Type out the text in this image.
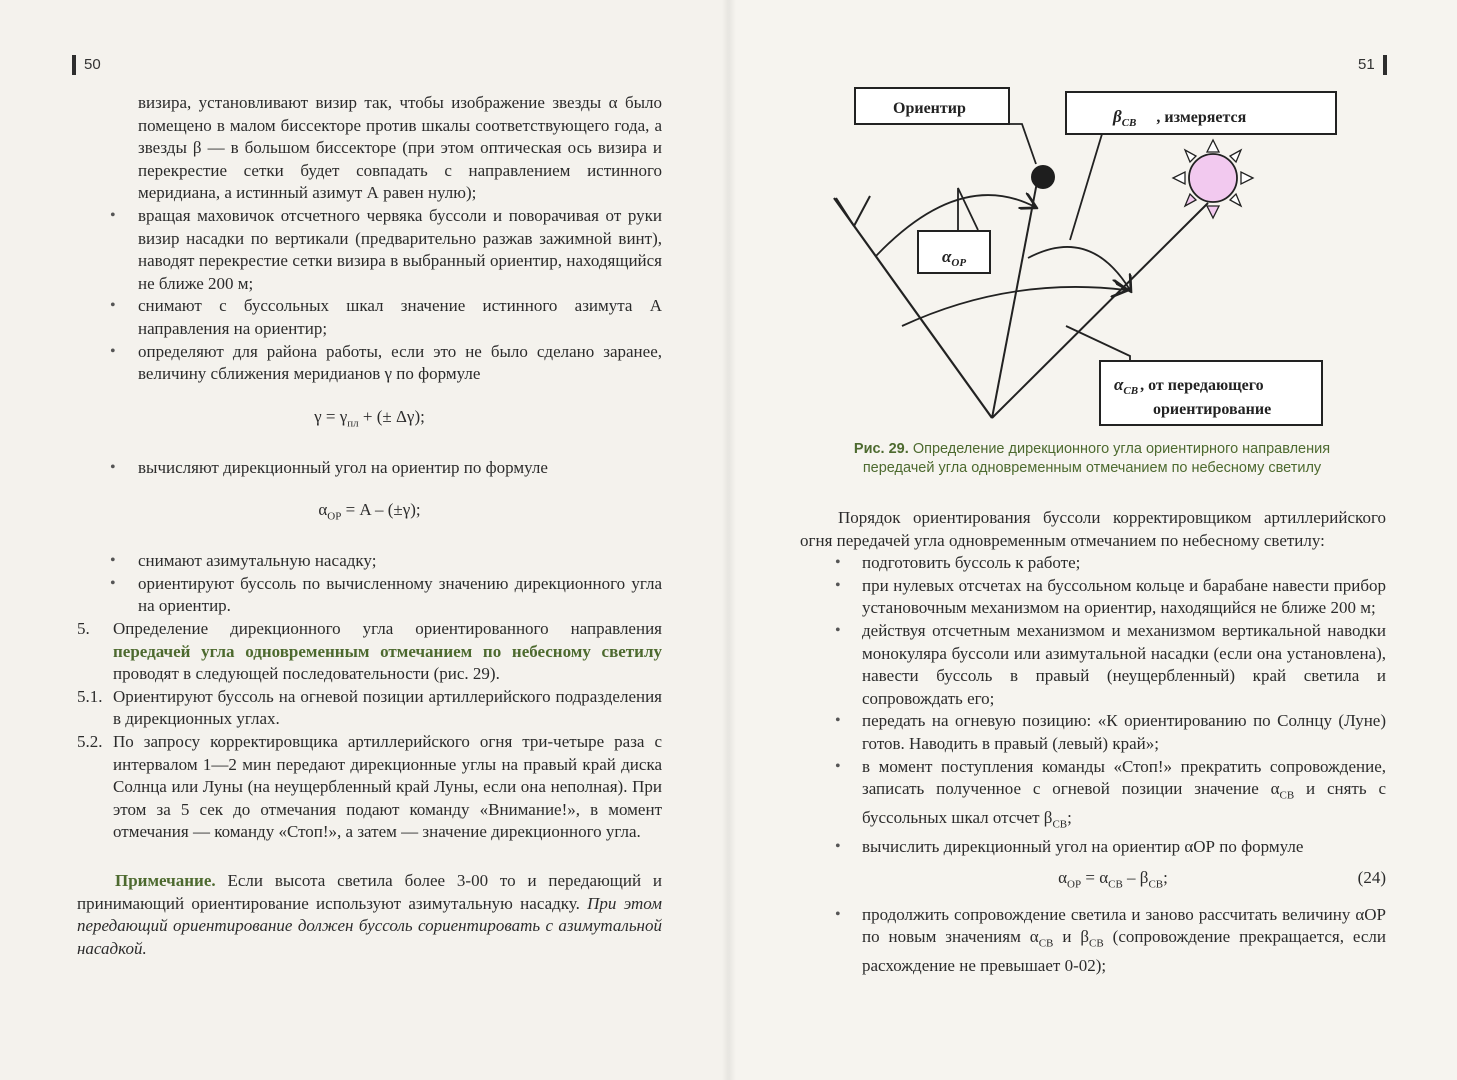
50	51
визира, установливают визир так, чтобы изображение звезды α было помещено в малом биссекторе против шкалы соответствующего года, а звезды β — в большом биссекторе (при этом оптическая ось визира и перекрестие сетки будет совпадать с направлением истинного меридиана, а истинный азимут А равен нулю);
• вращая маховичок отсчетного червяка буссоли и поворачивая от руки визир насадки по вертикали (предварительно разжав зажимной винт), наводят перекрестие сетки визира в выбранный ориентир, находящийся не ближе 200 м;
• снимают с буссольных шкал значение истинного азимута А направления на ориентир;
• определяют для района работы, если это не было сделано заранее, величину сближения меридианов γ по формуле
$\gamma = \gamma_{пл}$ + (± Δγ);
• вычисляют дирекционный угол на ориентир по формуле
$\alpha_{ОР} = A - (\pm\gamma)$;
• снимают азимутальную насадку;
• ориентируют буссоль по вычисленному значению дирекционного угла на ориентир.
5. Определение дирекционного угла ориентированного направления передачей угла одновременным отмечанием по небесному светилу проводят в следующей последовательности (рис. 29).
5.1. Ориентируют буссоль на огневой позиции артиллерийского подразделения в дирекционных углах.
5.2. По запросу корректировщика артиллерийского огня три-четыре раза с интервалом 1—2 мин передают дирекционные углы на правый край диска Солнца или Луны (на неущербленный край Луны, если она неполная). При этом за 5 сек до отмечания подают команду «Внимание!», в момент отмечания — команду «Стоп!», а затем — значение дирекционного угла.
Примечание. Если высота светила более 3-00 то и передающий и принимающий ориентирование используют азимутальную насадку. При этом передающий ориентирование должен буссоль сориентировать с азимутальной насадкой.
Ориентир	$\beta_{СВ}$ , измеряется
$\alpha_{ОР}$
$\alpha_{СВ}$ , от передающего
ориентирование
Рис. 29. Определение дирекционного угла ориентирного направления передачей угла одновременным отмечанием по небесному светилу
Порядок ориентирования буссоли корректировщиком артиллерийского огня передачей угла одновременным отмечанием по небесному светилу:
• подготовить буссоль к работе;
• при нулевых отсчетах на буссольном кольце и барабане навести прибор установочным механизмом на ориентир, находящийся не ближе 200 м;
• действуя отсчетным механизмом и механизмом вертикальной наводки монокуляра буссоли или азимутальной насадки (если она установлена), навести буссоль в правый (неущербленный) край светила и сопровождать его;
• передать на огневую позицию: «К ориентированию по Солнцу (Луне) готов. Наводить в правый (левый) край»;
• в момент поступления команды «Стоп!» прекратить сопровождение, записать полученное с огневой позиции значение $\alpha_{СВ}$ и снять с буссольных шкал отсчет $\beta_{СВ}$;
• вычислить дирекционный угол на ориентир αОР по формуле
$\alpha_{ОР} = \alpha_{СВ} - \beta_{СВ}$;	(24)
• продолжить сопровождение светила и заново рассчитать величину αОР по новым значениям $\alpha_{СВ}$ и $\beta_{СВ}$ (сопровождение прекращается, если расхождение не превышает 0-02);
